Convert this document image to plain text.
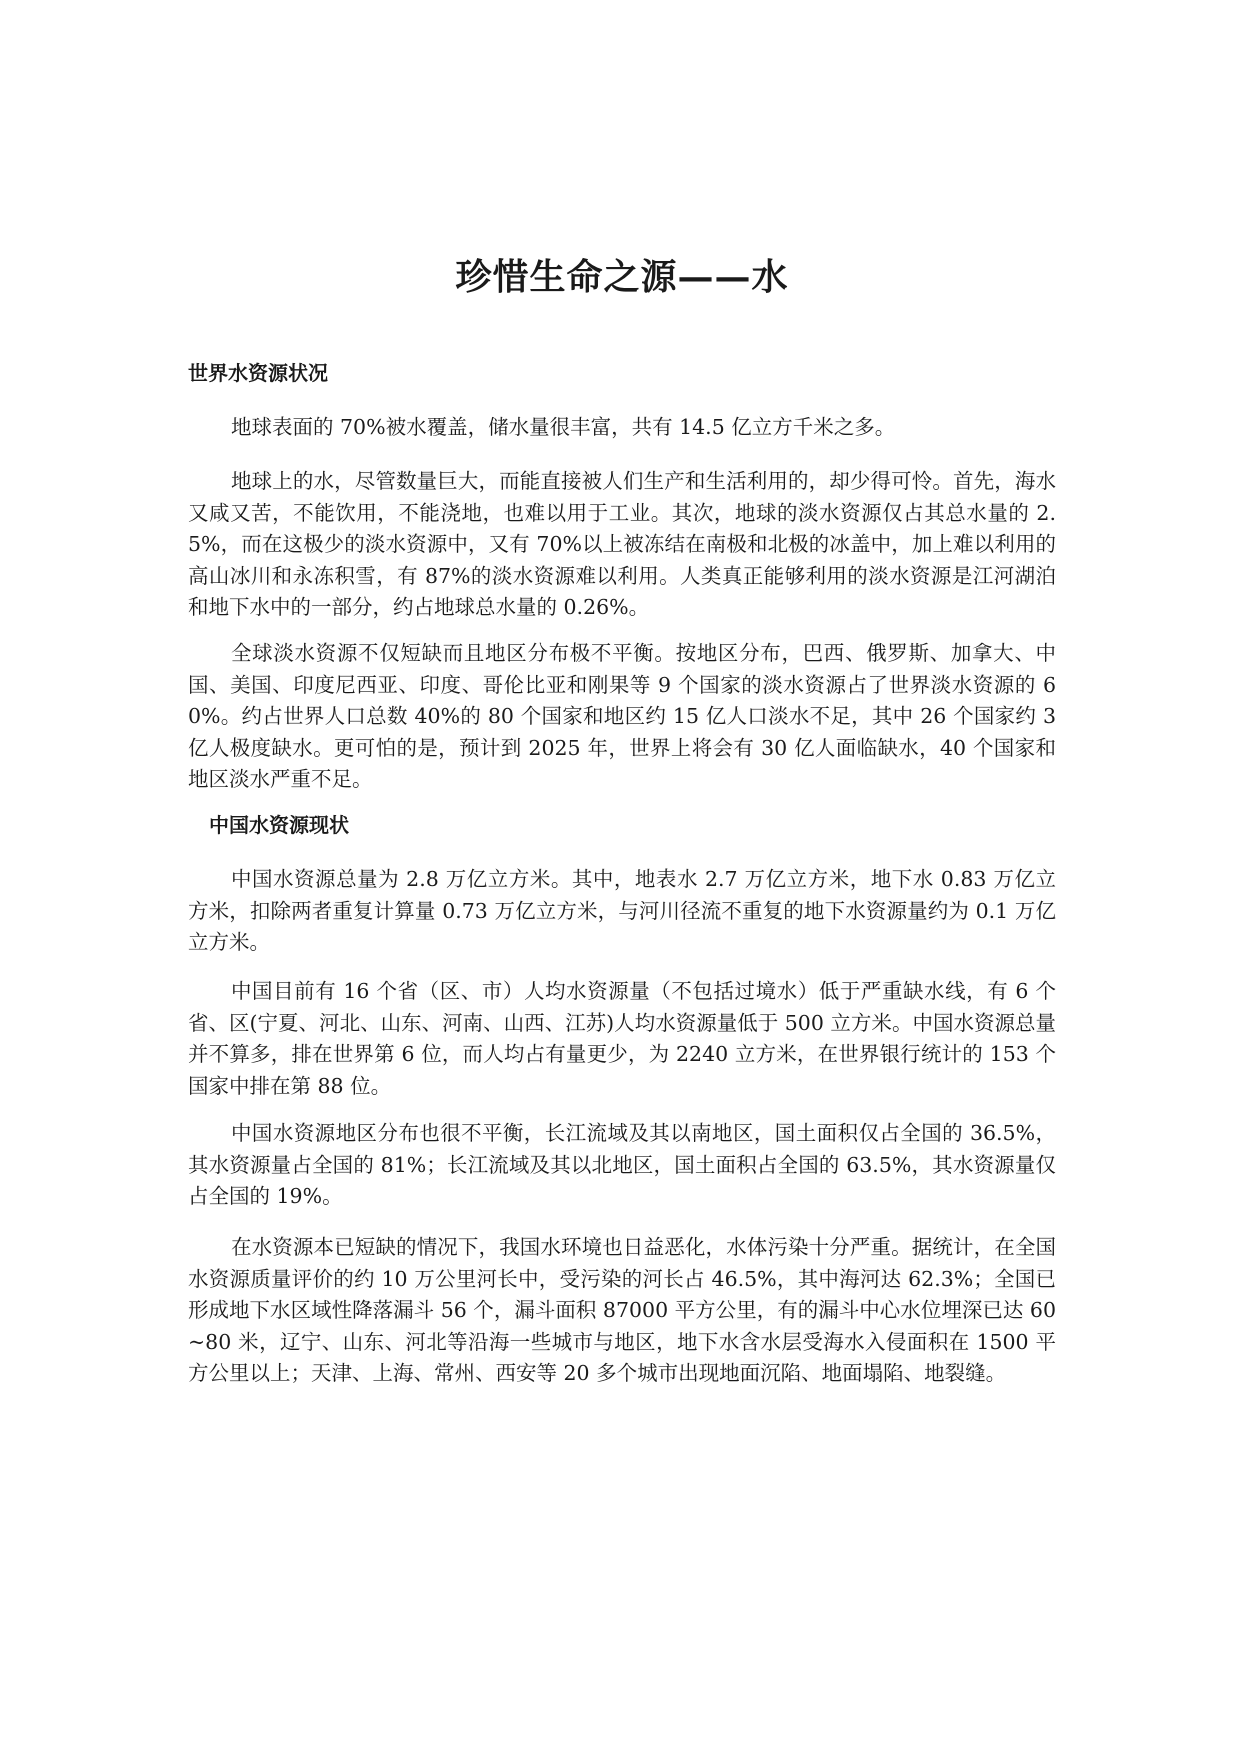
珍惜生命之源——水
世界水资源状况

地球表面的 70%被水覆盖，储水量很丰富，共有 14.5 亿立方千米之多。

地球上的水，尽管数量巨大，而能直接被人们生产和生活利用的，却少得可怜。首先，海水又咸又苦，不能饮用，不能浇地，也难以用于工业。其次，地球的淡水资源仅占其总水量的 2.5%，而在这极少的淡水资源中，又有 70%以上被冻结在南极和北极的冰盖中，加上难以利用的高山冰川和永冻积雪，有 87%的淡水资源难以利用。人类真正能够利用的淡水资源是江河湖泊和地下水中的一部分，约占地球总水量的 0.26%。

全球淡水资源不仅短缺而且地区分布极不平衡。按地区分布，巴西、俄罗斯、加拿大、中国、美国、印度尼西亚、印度、哥伦比亚和刚果等 9 个国家的淡水资源占了世界淡水资源的 60%。约占世界人口总数 40%的 80 个国家和地区约 15 亿人口淡水不足，其中 26 个国家约 3 亿人极度缺水。更可怕的是，预计到 2025 年，世界上将会有 30 亿人面临缺水，40 个国家和地区淡水严重不足。

中国水资源现状

中国水资源总量为 2.8 万亿立方米。其中，地表水 2.7 万亿立方米，地下水 0.83 万亿立方米，扣除两者重复计算量 0.73 万亿立方米，与河川径流不重复的地下水资源量约为 0.1 万亿立方米。

中国目前有 16 个省（区、市）人均水资源量（不包括过境水）低于严重缺水线，有 6 个省、区(宁夏、河北、山东、河南、山西、江苏)人均水资源量低于 500 立方米。中国水资源总量并不算多，排在世界第 6 位，而人均占有量更少，为 2240 立方米，在世界银行统计的 153 个国家中排在第 88 位。

中国水资源地区分布也很不平衡，长江流域及其以南地区，国土面积仅占全国的 36.5%，其水资源量占全国的 81%；长江流域及其以北地区，国土面积占全国的 63.5%，其水资源量仅占全国的 19%。

在水资源本已短缺的情况下，我国水环境也日益恶化，水体污染十分严重。据统计，在全国水资源质量评价的约 10 万公里河长中，受污染的河长占 46.5%，其中海河达 62.3%；全国已形成地下水区域性降落漏斗 56 个，漏斗面积 87000 平方公里，有的漏斗中心水位埋深已达 60~80 米，辽宁、山东、河北等沿海一些城市与地区，地下水含水层受海水入侵面积在 1500 平方公里以上；天津、上海、常州、西安等 20 多个城市出现地面沉陷、地面塌陷、地裂缝。
